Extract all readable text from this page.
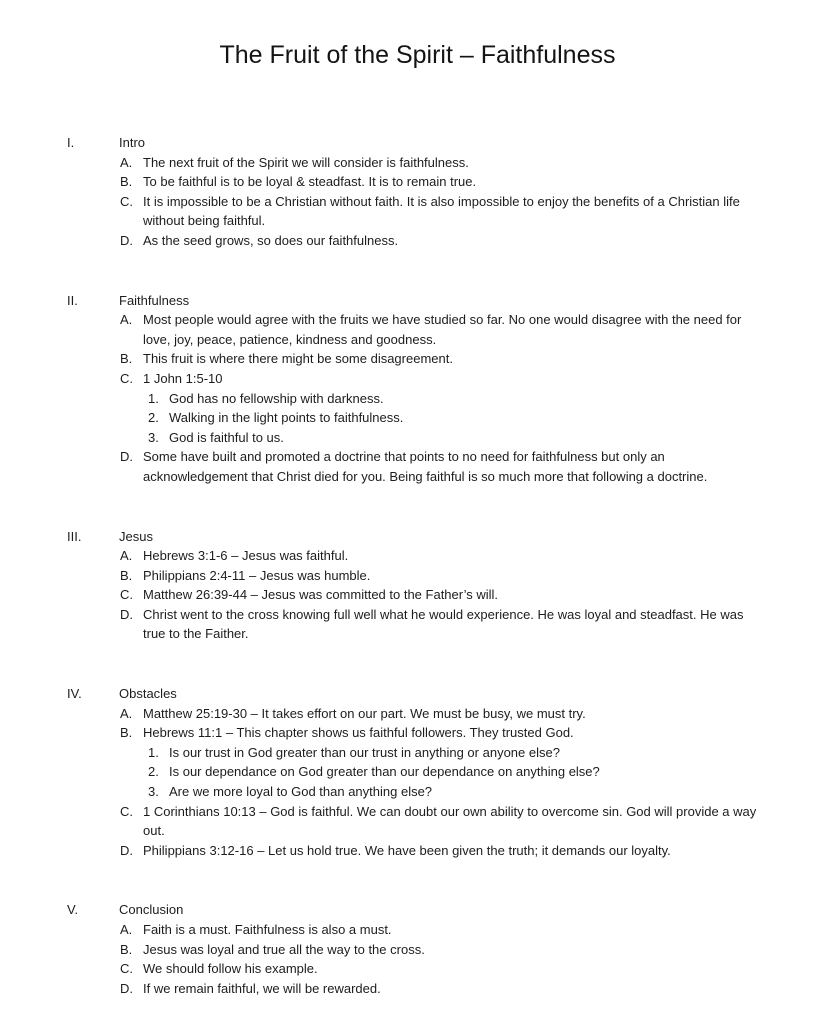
The Fruit of the Spirit – Faithfulness
I.	Intro
A. The next fruit of the Spirit we will consider is faithfulness.
B. To be faithful is to be loyal & steadfast. It is to remain true.
C. It is impossible to be a Christian without faith. It is also impossible to enjoy the benefits of a Christian life without being faithful.
D. As the seed grows, so does our faithfulness.
II.	Faithfulness
A. Most people would agree with the fruits we have studied so far. No one would disagree with the need for love, joy, peace, patience, kindness and goodness.
B. This fruit is where there might be some disagreement.
C. 1 John 1:5-10
1. God has no fellowship with darkness.
2. Walking in the light points to faithfulness.
3. God is faithful to us.
D. Some have built and promoted a doctrine that points to no need for faithfulness but only an acknowledgement that Christ died for you. Being faithful is so much more that following a doctrine.
III.	Jesus
A. Hebrews 3:1-6 – Jesus was faithful.
B. Philippians 2:4-11 – Jesus was humble.
C. Matthew 26:39-44 – Jesus was committed to the Father’s will.
D. Christ went to the cross knowing full well what he would experience. He was loyal and steadfast. He was true to the Faither.
IV.	Obstacles
A. Matthew 25:19-30 – It takes effort on our part. We must be busy, we must try.
B. Hebrews 11:1 – This chapter shows us faithful followers. They trusted God.
1. Is our trust in God greater than our trust in anything or anyone else?
2. Is our dependance on God greater than our dependance on anything else?
3. Are we more loyal to God than anything else?
C. 1 Corinthians 10:13 – God is faithful. We can doubt our own ability to overcome sin. God will provide a way out.
D. Philippians 3:12-16 – Let us hold true. We have been given the truth; it demands our loyalty.
V.	Conclusion
A. Faith is a must. Faithfulness is also a must.
B. Jesus was loyal and true all the way to the cross.
C. We should follow his example.
D. If we remain faithful, we will be rewarded.
